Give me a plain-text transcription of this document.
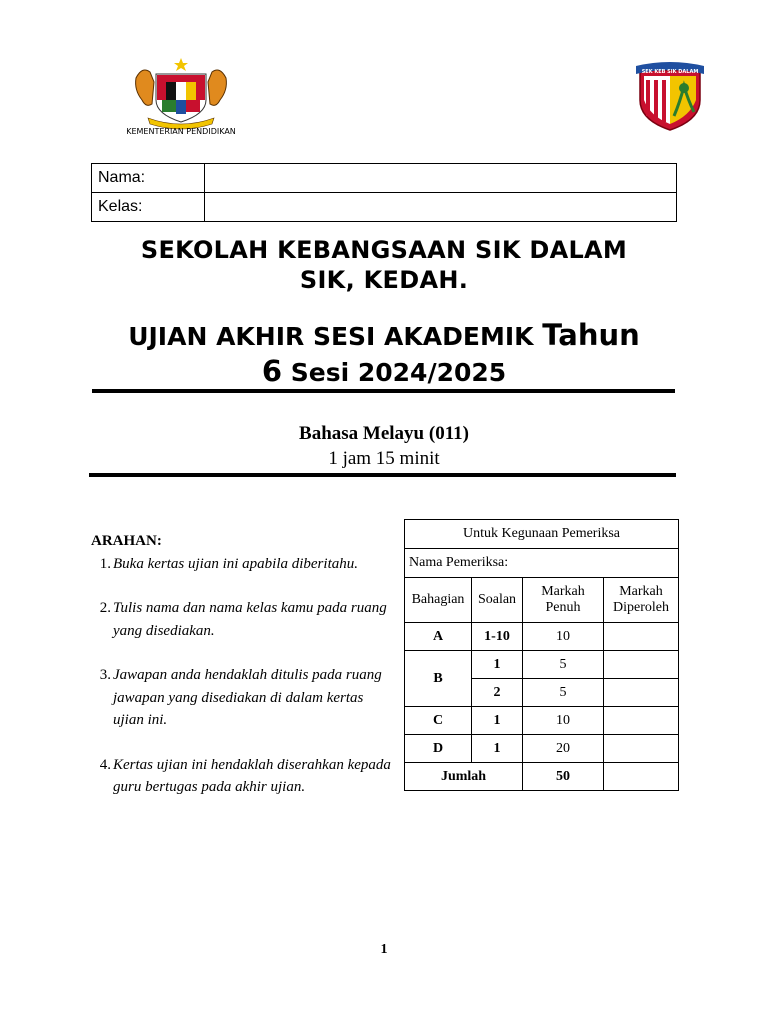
KEMENTERIAN PENDIDIKAN
SEK KEB SIK DALAM
Nama:	
Kelas:	
SEKOLAH KEBANGSAAN SIK DALAM
SIK, KEDAH.
UJIAN AKHIR SESI AKADEMIK Tahun
6 Sesi 2024/2025
Bahasa Melayu (011)
1 jam 15 minit
ARAHAN:
1. Buka kertas ujian ini apabila diberitahu.
2. Tulis nama dan nama kelas kamu pada ruang yang disediakan.
3. Jawapan anda hendaklah ditulis pada ruang jawapan yang disediakan di dalam kertas ujian ini.
4. Kertas ujian ini hendaklah diserahkan kepada guru bertugas pada akhir ujian.
Untuk Kegunaan Pemeriksa			
Nama Pemeriksa:			
Bahagian	Soalan	Markah Penuh	Markah Diperoleh
A	1-10	10	
B	1	5	
	2	5	
C	1	10	
D	1	20	
Jumlah		50	
1
